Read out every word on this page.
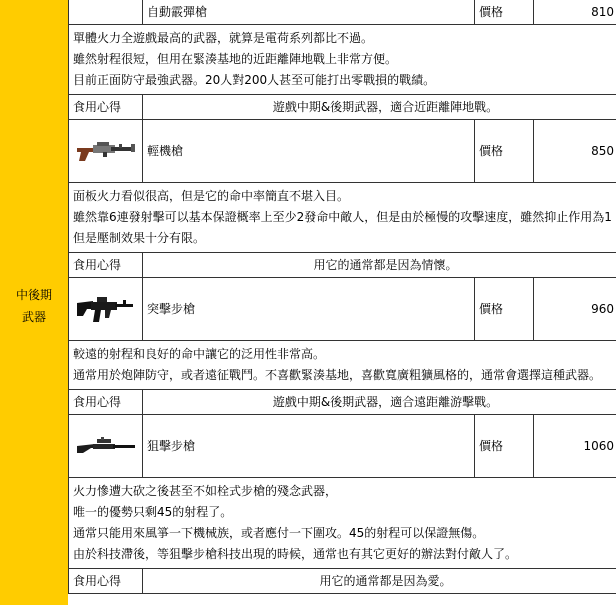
中後期
武器
	自動霰彈槍	價格	810

單體火力全遊戲最高的武器，就算是電荷系列都比不過。
雖然射程很短，但用在緊湊基地的近距離陣地戰上非常方便。
目前正面防守最強武器。20人對200人甚至可能打出零戰損的戰績。			

食用心得	遊戲中期&後期武器，適合近距離陣地戰。		

	輕機槍	價格	850

面板火力看似很高，但是它的命中率簡直不堪入目。
雖然靠6連發射擊可以基本保證概率上至少2發命中敵人，但是由於極慢的攻擊速度，雖然抑止作用為1
但是壓制效果十分有限。			

食用心得	用它的通常都是因為情懷。		

	突擊步槍	價格	960

較遠的射程和良好的命中讓它的泛用性非常高。
通常用於炮陣防守，或者遠征戰鬥。不喜歡緊湊基地，喜歡寬廣粗獷風格的，通常會選擇這種武器。			

食用心得	遊戲中期&後期武器，適合遠距離游擊戰。		

	狙擊步槍	價格	1060

火力慘遭大砍之後甚至不如栓式步槍的殘念武器，
唯一的優勢只剩45的射程了。
通常只能用來風箏一下機械族，或者應付一下圍攻。45的射程可以保證無傷。
由於科技滯後，等狙擊步槍科技出現的時候，通常也有其它更好的辦法對付敵人了。			

食用心得	用它的通常都是因為愛。		
